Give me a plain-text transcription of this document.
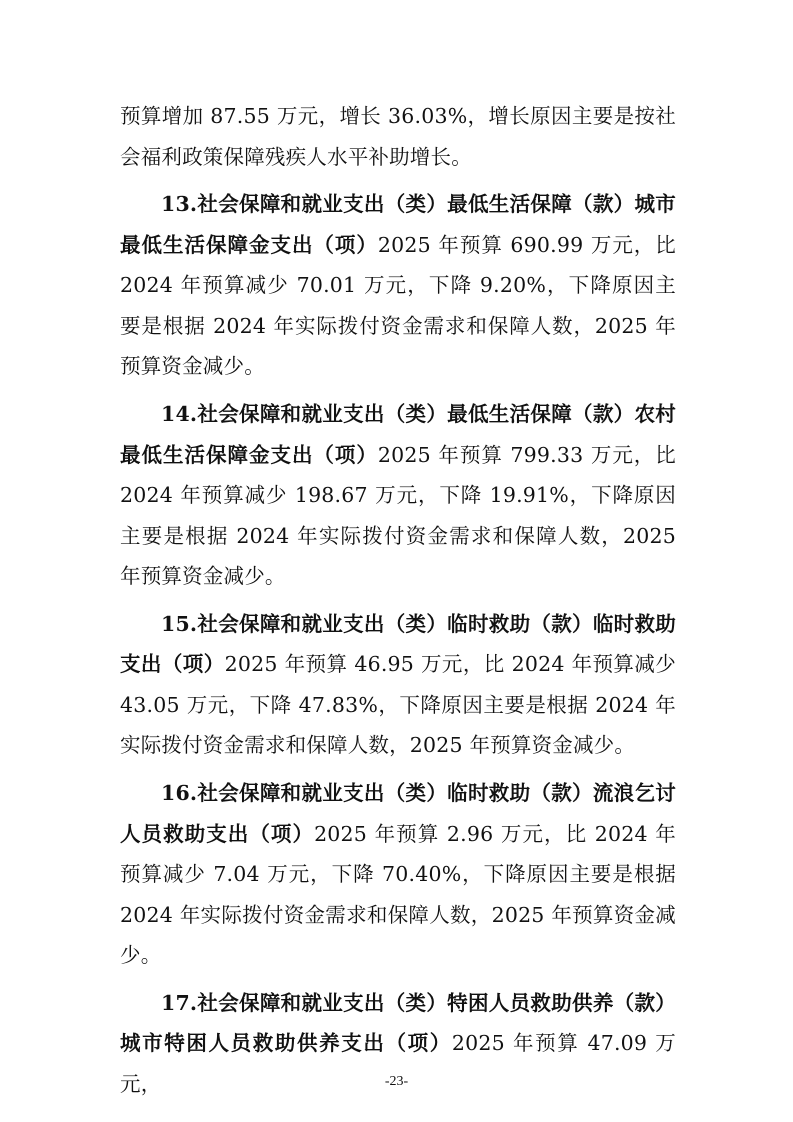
预算增加 87.55 万元，增长 36.03%，增长原因主要是按社会福利政策保障残疾人水平补助增长。

13.社会保障和就业支出（类）最低生活保障（款）城市最低生活保障金支出（项）2025 年预算 690.99 万元，比 2024 年预算减少 70.01 万元，下降 9.20%，下降原因主要是根据 2024 年实际拨付资金需求和保障人数，2025 年预算资金减少。

14.社会保障和就业支出（类）最低生活保障（款）农村最低生活保障金支出（项）2025 年预算 799.33 万元，比 2024 年预算减少 198.67 万元，下降 19.91%，下降原因主要是根据 2024 年实际拨付资金需求和保障人数，2025 年预算资金减少。

15.社会保障和就业支出（类）临时救助（款）临时救助支出（项）2025 年预算 46.95 万元，比 2024 年预算减少 43.05 万元，下降 47.83%，下降原因主要是根据 2024 年实际拨付资金需求和保障人数，2025 年预算资金减少。

16.社会保障和就业支出（类）临时救助（款）流浪乞讨人员救助支出（项）2025 年预算 2.96 万元，比 2024 年预算减少 7.04 万元，下降 70.40%，下降原因主要是根据 2024 年实际拨付资金需求和保障人数，2025 年预算资金减少。

17.社会保障和就业支出（类）特困人员救助供养（款）城市特困人员救助供养支出（项）2025 年预算 47.09 万元，	-23-
